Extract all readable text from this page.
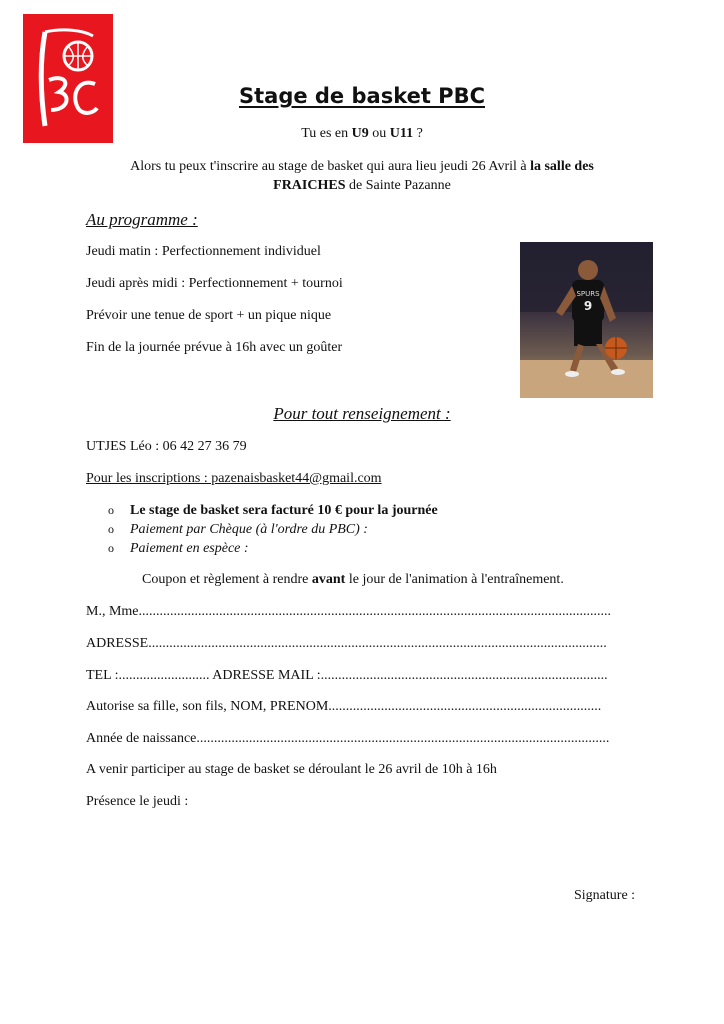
Stage de basket PBC
Tu es en U9 ou U11 ?
Alors tu peux t'inscrire au stage de basket qui aura lieu jeudi 26 Avril à la salle des
FRAICHES de Sainte Pazanne
Au programme :
Jeudi matin : Perfectionnement individuel
Jeudi après midi : Perfectionnement + tournoi
Prévoir une tenue de sport + un pique nique
Fin de la journée prévue à 16h avec un goûter
SPURS
9
Pour tout renseignement :
UTJES Léo : 06 42 27 36 79
Pour les inscriptions : pazenaisbasket44@gmail.com
o Le stage de basket sera facturé 10 € pour la journée
o Paiement par Chèque (à l'ordre du PBC) :
o Paiement en espèce :
Coupon et règlement à rendre avant le jour de l'animation à l'entraînement.
M., Mme.......................................................................................................................................
ADRESSE...................................................................................................................................
TEL :.......................... ADRESSE MAIL :..................................................................................
Autorise sa fille, son fils, NOM, PRENOM..............................................................................
Année de naissance......................................................................................................................
A venir participer au stage de basket se déroulant le 26 avril de 10h à 16h
Présence le jeudi :
Signature :
